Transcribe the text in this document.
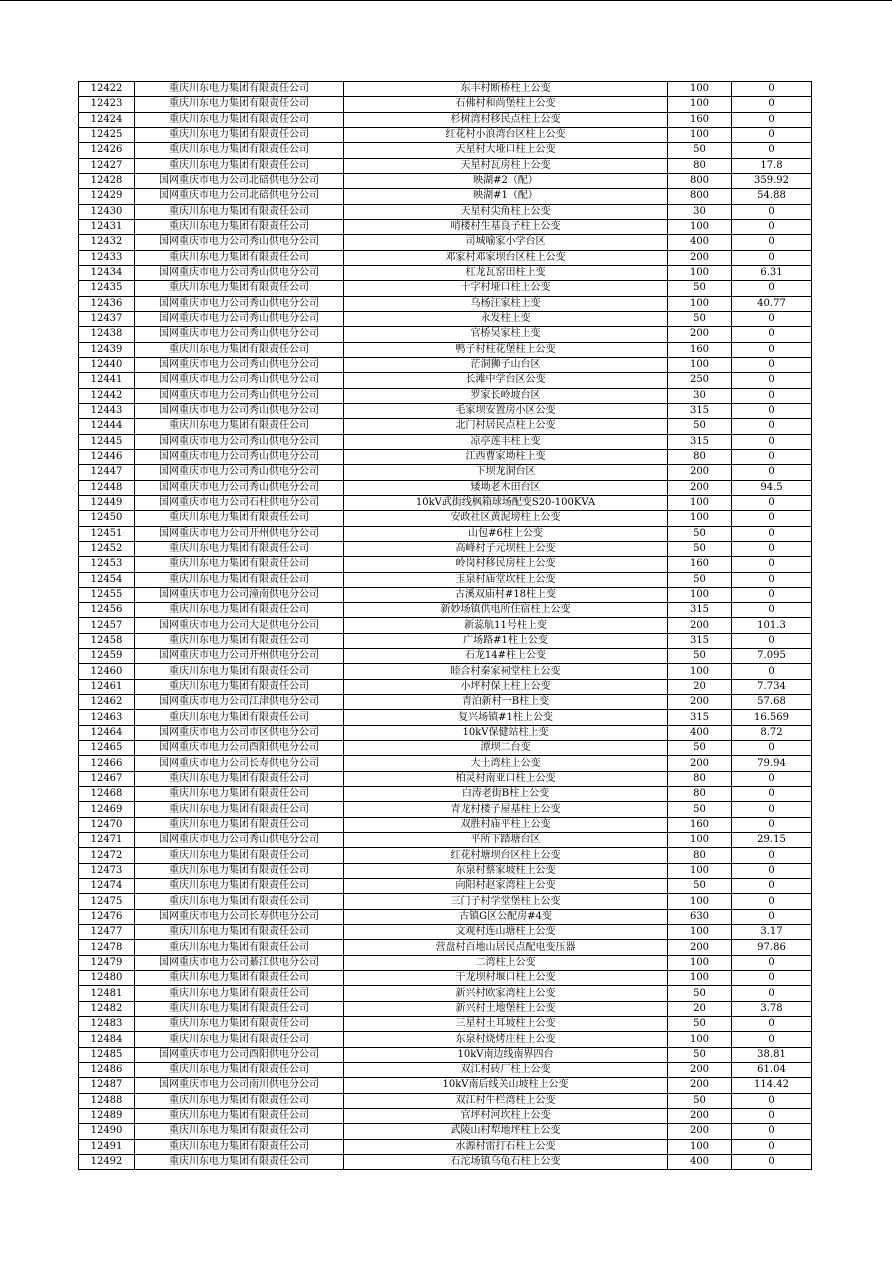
12422	重庆川东电力集团有限责任公司	东丰村断桥柱上公变	100	0
12423	重庆川东电力集团有限责任公司	石佛村和尚堡柱上公变	100	0
12424	重庆川东电力集团有限责任公司	杉树湾村移民点柱上公变	160	0
12425	重庆川东电力集团有限责任公司	红花村小浪湾台区柱上公变	100	0
12426	重庆川东电力集团有限责任公司	天星村大垭口柱上公变	50	0
12427	重庆川东电力集团有限责任公司	天星村瓦房柱上公变	80	17.8
12428	国网重庆市电力公司北碚供电分公司	映湖#2（配）	800	359.92
12429	国网重庆市电力公司北碚供电分公司	映湖#1（配）	800	54.88
12430	重庆川东电力集团有限责任公司	天星村尖角柱上公变	30	0
12431	重庆川东电力集团有限责任公司	哨楼村生基良子柱上公变	100	0
12432	国网重庆市电力公司秀山供电分公司	司城喻家小学台区	400	0
12433	重庆川东电力集团有限责任公司	邓家村邓家坝台区柱上公变	200	0
12434	国网重庆市电力公司秀山供电分公司	杠龙瓦窑田柱上变	100	6.31
12435	重庆川东电力集团有限责任公司	十字村垭口柱上公变	50	0
12436	国网重庆市电力公司秀山供电分公司	乌杨汪家柱上变	100	40.77
12437	国网重庆市电力公司秀山供电分公司	永发柱上变	50	0
12438	国网重庆市电力公司秀山供电分公司	官桥吴家柱上变	200	0
12439	重庆川东电力集团有限责任公司	鸭子村柱花堡柱上公变	160	0
12440	国网重庆市电力公司秀山供电分公司	茫洞狮子山台区	100	0
12441	国网重庆市电力公司秀山供电分公司	长滩中学台区公变	250	0
12442	国网重庆市电力公司秀山供电分公司	罗家长岭坡台区	30	0
12443	国网重庆市电力公司秀山供电分公司	毛家坝安置房小区公变	315	0
12444	重庆川东电力集团有限责任公司	北门村居民点柱上公变	50	0
12445	国网重庆市电力公司秀山供电分公司	凉亭莲丰柱上变	315	0
12446	国网重庆市电力公司秀山供电分公司	江西曹家坳柱上变	80	0
12447	国网重庆市电力公司秀山供电分公司	下坝龙洞台区	200	0
12448	国网重庆市电力公司秀山供电分公司	矮坳老木田台区	200	94.5
12449	国网重庆市电力公司石柱供电分公司	10kV武街线枫箱球场配变S20-100KVA	100	0
12450	重庆川东电力集团有限责任公司	安政社区黄泥塝柱上公变	100	0
12451	国网重庆市电力公司开州供电分公司	山包#6柱上公变	50	0
12452	重庆川东电力集团有限责任公司	高峰村子元坝柱上公变	50	0
12453	重庆川东电力集团有限责任公司	岭岗村移民房柱上公变	160	0
12454	重庆川东电力集团有限责任公司	玉泉村庙堂坎柱上公变	50	0
12455	国网重庆市电力公司潼南供电分公司	古溪双庙村#18柱上变	100	0
12456	重庆川东电力集团有限责任公司	新妙场镇供电所住宿柱上公变	315	0
12457	国网重庆市电力公司大足供电分公司	新蕊航11号柱上变	200	101.3
12458	重庆川东电力集团有限责任公司	广场路#1柱上公变	315	0
12459	国网重庆市电力公司开州供电分公司	石龙14#柱上公变	50	7.095
12460	重庆川东电力集团有限责任公司	睦合村秦家祠堂柱上公变	100	0
12461	重庆川东电力集团有限责任公司	小坪村保上柱上公变	20	7.734
12462	国网重庆市电力公司江津供电分公司	青泊新村一B柱上变	200	57.68
12463	重庆川东电力集团有限责任公司	复兴场镇#1柱上公变	315	16.569
12464	国网重庆市电力公司市区供电分公司	10kV保健站柱上变	400	8.72
12465	国网重庆市电力公司酉阳供电分公司	潭坝二台变	50	0
12466	国网重庆市电力公司长寿供电分公司	大土湾柱上公变	200	79.94
12467	重庆川东电力集团有限责任公司	柏灵村南亚口柱上公变	80	0
12468	重庆川东电力集团有限责任公司	白涛老街B柱上公变	80	0
12469	重庆川东电力集团有限责任公司	青龙村楼子屋基柱上公变	50	0
12470	重庆川东电力集团有限责任公司	双胜村庙平柱上公变	160	0
12471	国网重庆市电力公司秀山供电分公司	平所下踏塘台区	100	29.15
12472	重庆川东电力集团有限责任公司	红花村塘坝台区柱上公变	80	0
12473	重庆川东电力集团有限责任公司	东泉村蔡家坡柱上公变	100	0
12474	重庆川东电力集团有限责任公司	向阳村赵家湾柱上公变	50	0
12475	重庆川东电力集团有限责任公司	三门子村学堂堡柱上公变	100	0
12476	国网重庆市电力公司长寿供电分公司	古镇G区公配房#4变	630	0
12477	重庆川东电力集团有限责任公司	文观村连山塘柱上公变	100	3.17
12478	重庆川东电力集团有限责任公司	营盘村百地山居民点配电变压器	200	97.86
12479	国网重庆市电力公司綦江供电分公司	二湾柱上公变	100	0
12480	重庆川东电力集团有限责任公司	干龙坝村堰口柱上公变	100	0
12481	重庆川东电力集团有限责任公司	新兴村欧家湾柱上公变	50	0
12482	重庆川东电力集团有限责任公司	新兴村土地堡柱上公变	20	3.78
12483	重庆川东电力集团有限责任公司	三星村土耳坡柱上公变	50	0
12484	重庆川东电力集团有限责任公司	东泉村烧烤庄柱上公变	100	0
12485	国网重庆市电力公司酉阳供电分公司	10kV南边线南界四台	50	38.81
12486	重庆川东电力集团有限责任公司	双江村砖厂柱上公变	200	61.04
12487	国网重庆市电力公司南川供电分公司	10kV南后线关山坡柱上公变	200	114.42
12488	重庆川东电力集团有限责任公司	双江村牛栏湾柱上公变	50	0
12489	重庆川东电力集团有限责任公司	官坪村河坎柱上公变	200	0
12490	重庆川东电力集团有限责任公司	武陵山村犁地坪柱上公变	200	0
12491	重庆川东电力集团有限责任公司	水源村雷打石柱上公变	100	0
12492	重庆川东电力集团有限责任公司	石沱场镇乌龟石柱上公变	400	0
